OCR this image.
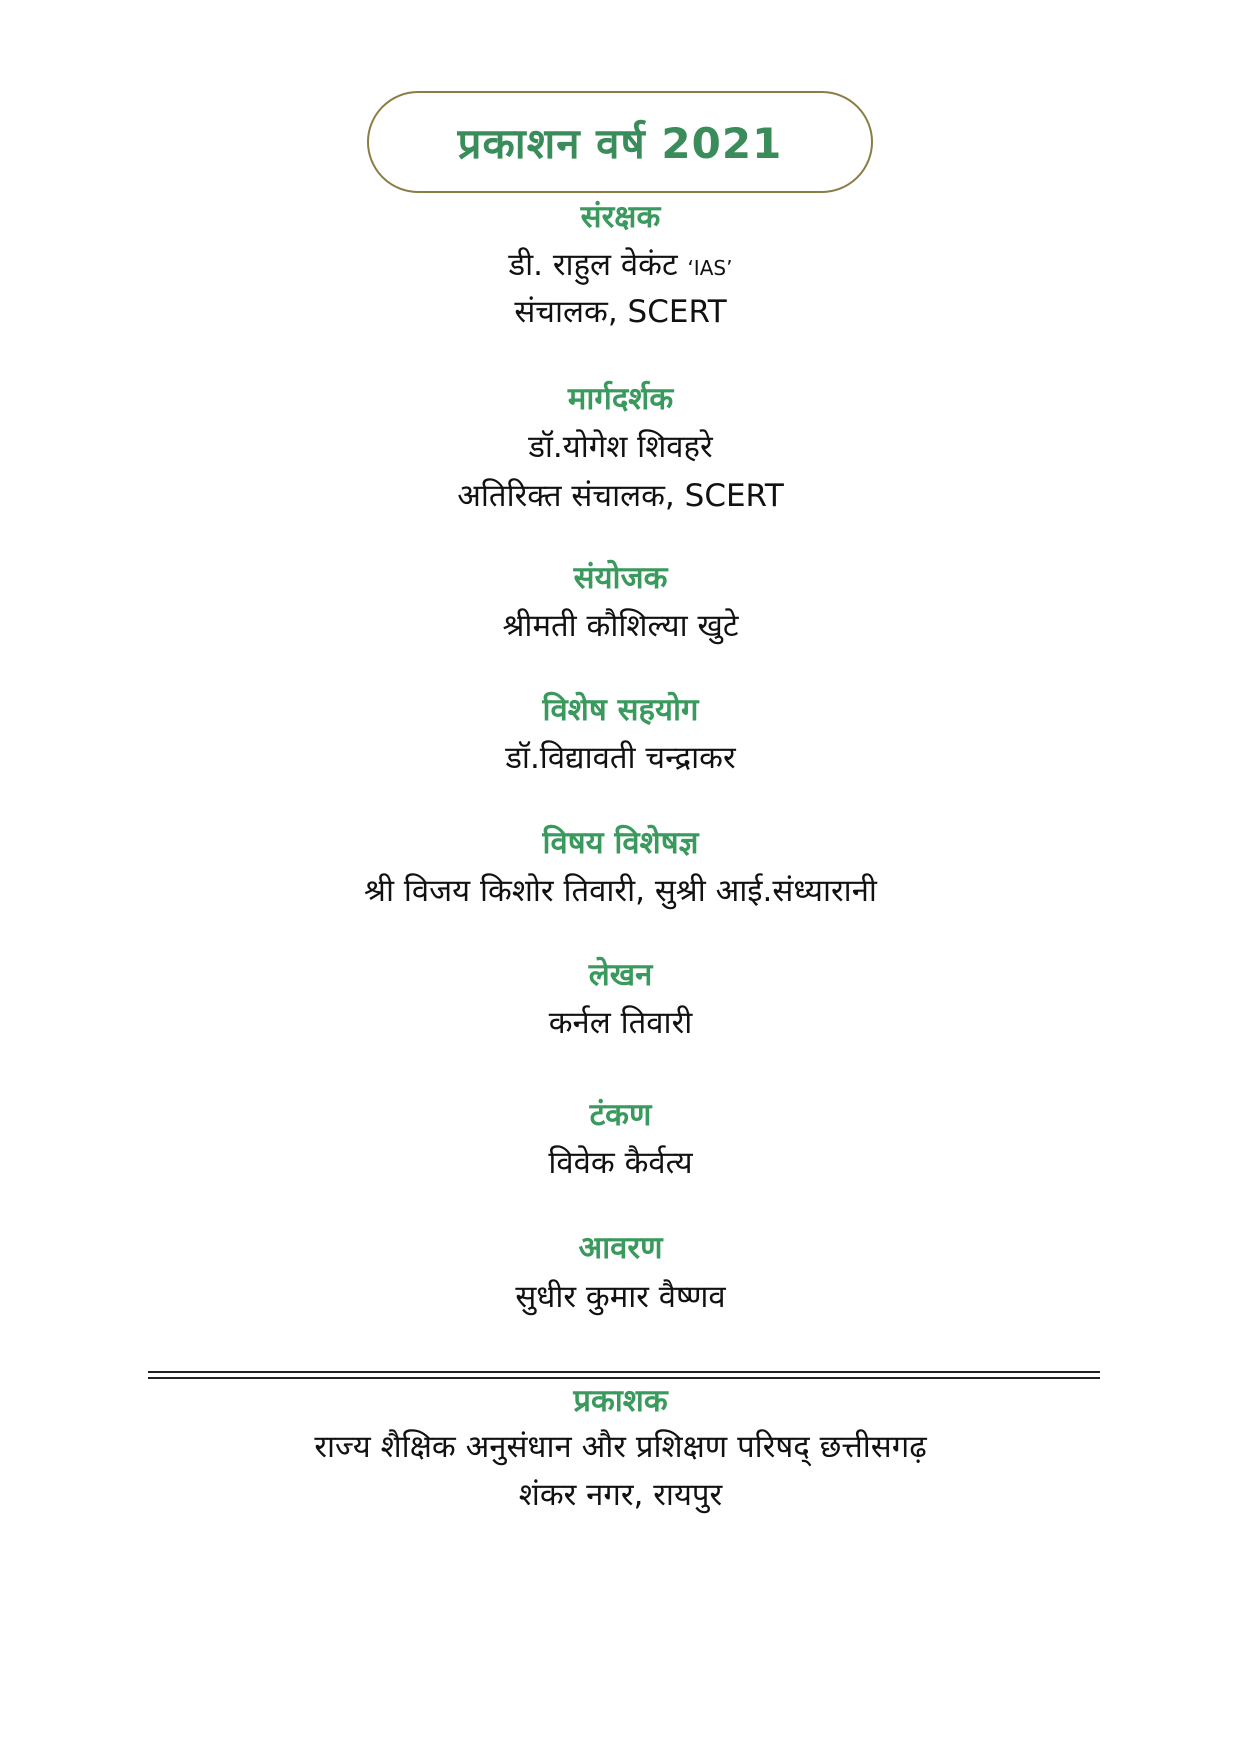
प्रकाशन वर्ष 2021
संरक्षक
डी. राहुल वेकंट ‘IAS’
संचालक, SCERT
मार्गदर्शक
डॉ.योगेश शिवहरे
अतिरिक्त संचालक, SCERT
संयोजक
श्रीमती कौशिल्या खुटे
विशेष सहयोग
डॉ.विद्यावती चन्द्राकर
विषय विशेषज्ञ
श्री विजय किशोर तिवारी, सुश्री आई.संध्यारानी
लेखन
कर्नल तिवारी
टंकण
विवेक कैर्वत्य
आवरण
सुधीर कुमार वैष्णव
प्रकाशक
राज्य शैक्षिक अनुसंधान और प्रशिक्षण परिषद् छत्तीसगढ़
शंकर नगर, रायपुर
